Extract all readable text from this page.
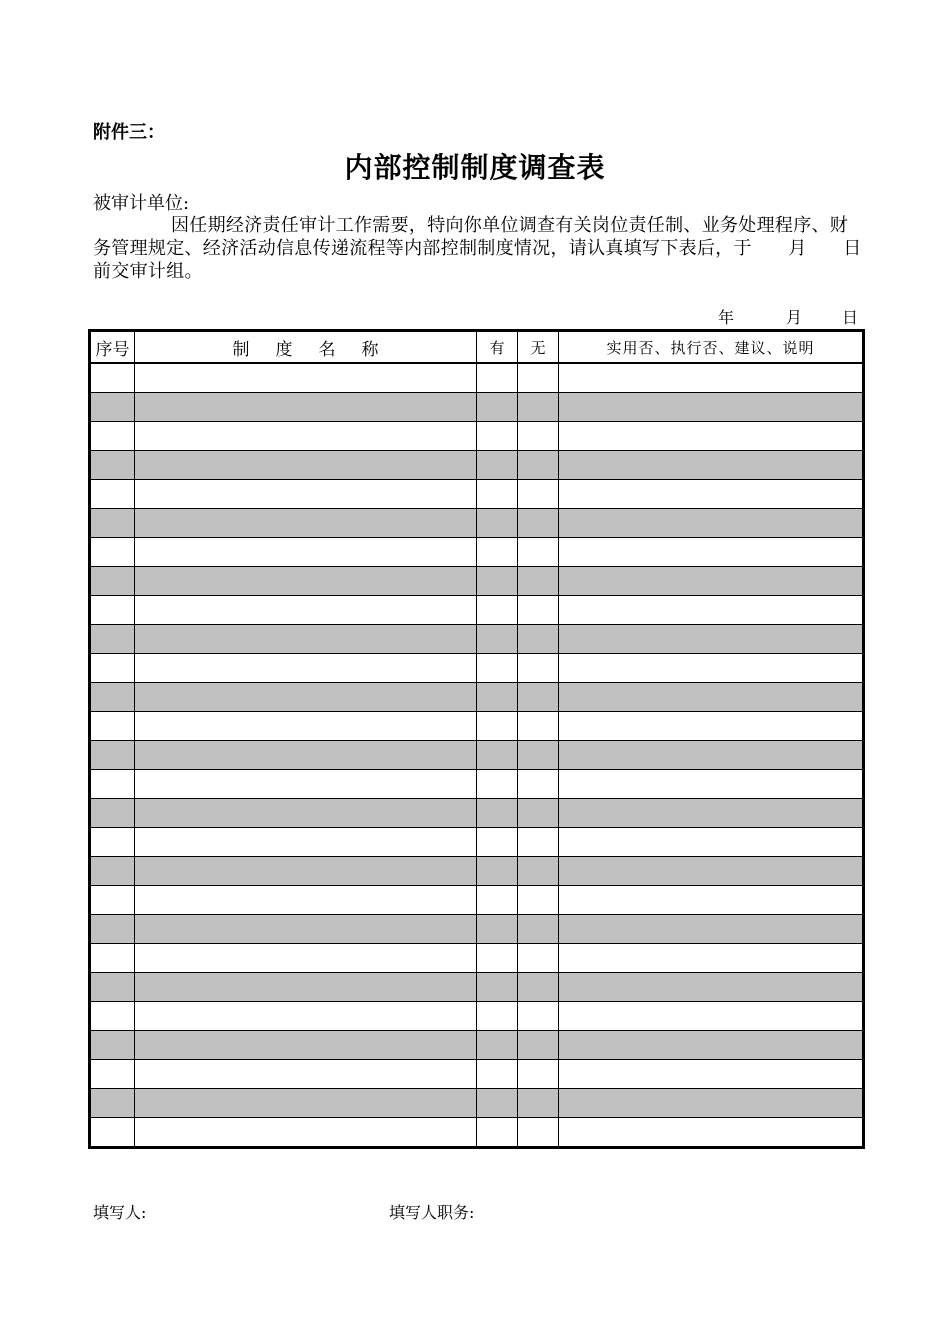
附件三：
内部控制制度调查表
被审计单位:

因任期经济责任审计工作需要，特向你单位调查有关岗位责任制、业务处理程序、财务管理规定、经济活动信息传递流程等内部控制制度情况，请认真填写下表后，于　　月　　日前交审计组。

年	月	日
序号	制度名称	有	无	实用否、执行否、建议、说明

填写人:	填写人职务:
